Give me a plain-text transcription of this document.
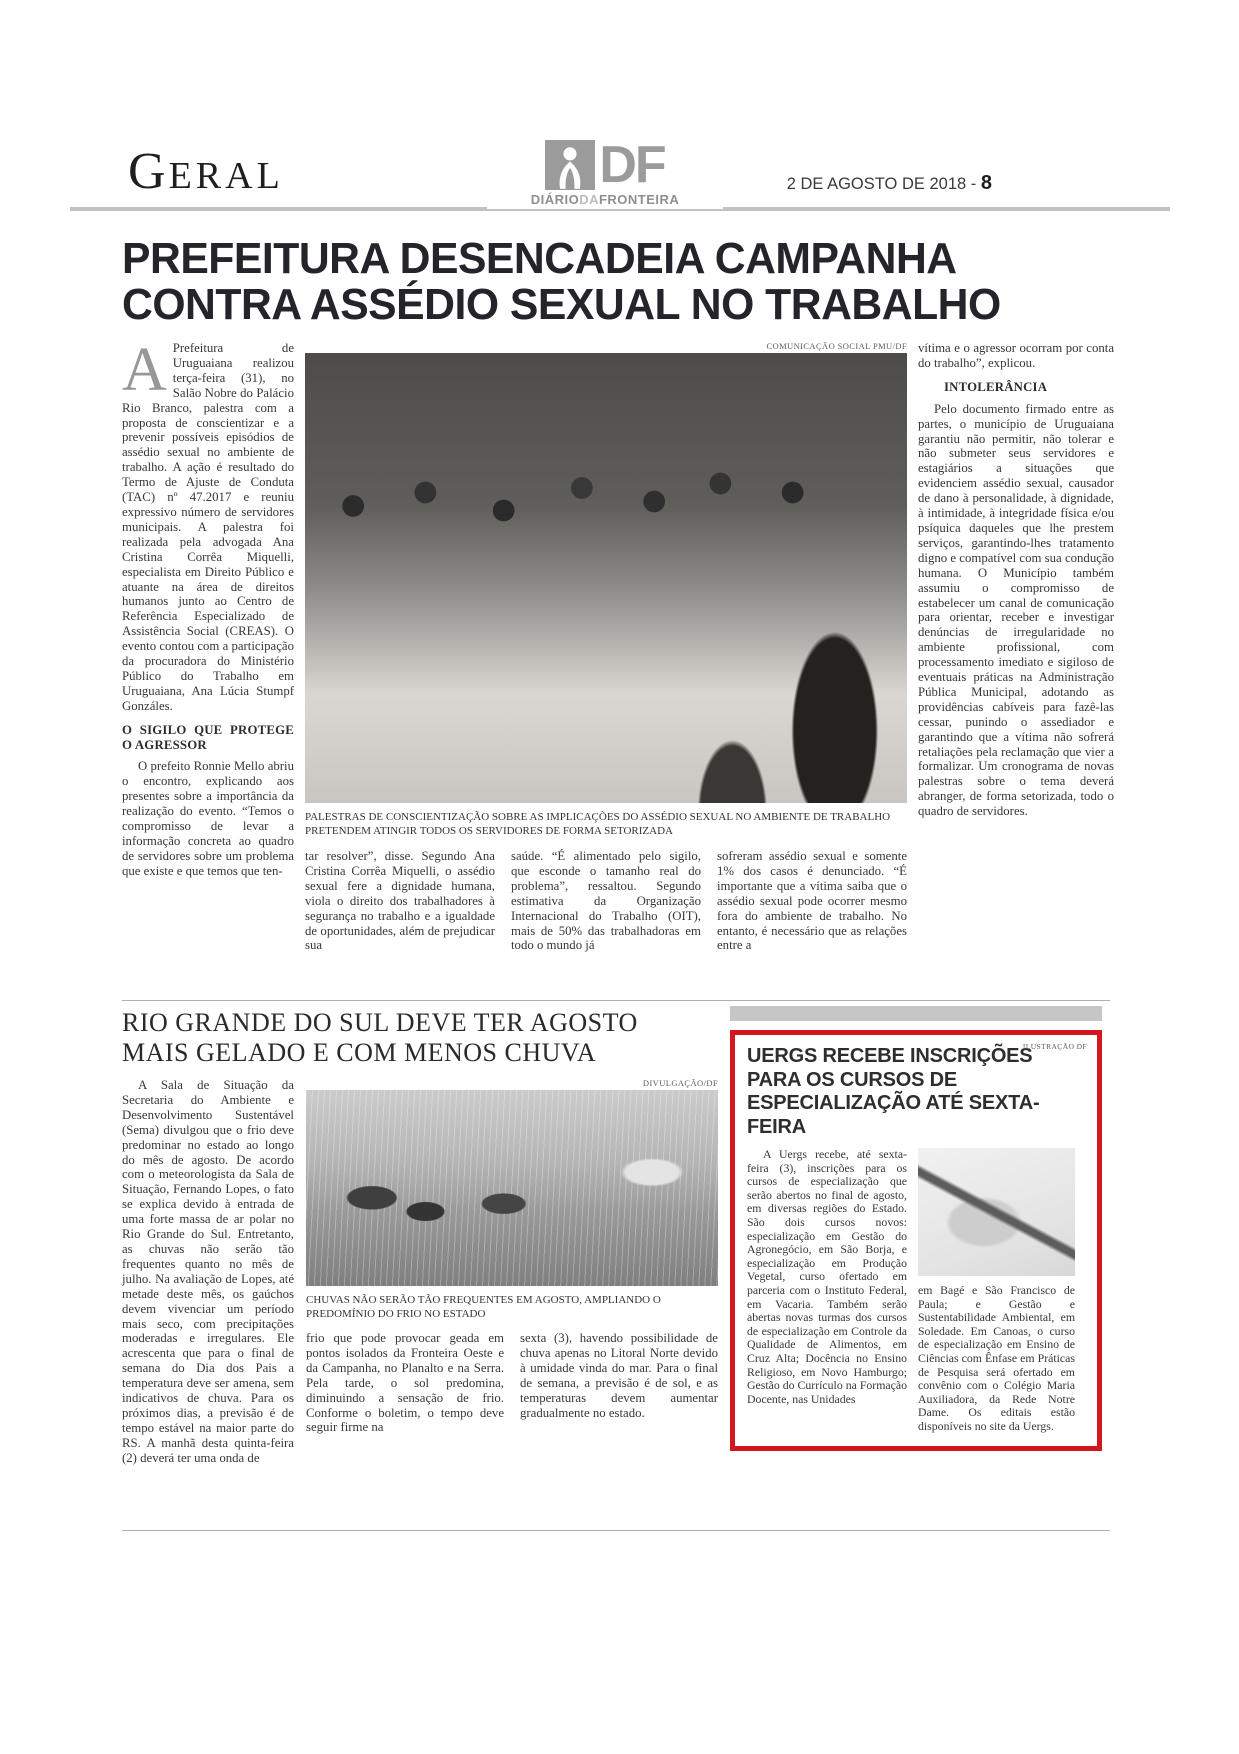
GERAL	DF
DIÁRIODAFRONTEIRA
2 DE AGOSTO DE 2018 - 8
PREFEITURA DESENCADEIA CAMPANHA
CONTRA ASSÉDIO SEXUAL NO TRABALHO

A Prefeitura de Uruguaiana realizou terça-feira (31), no Salão Nobre do Palácio Rio Branco, palestra com a proposta de conscientizar e a prevenir possíveis episódios de assédio sexual no ambiente de trabalho. A ação é resultado do Termo de Ajuste de Conduta (TAC) nº 47.2017 e reuniu expressivo número de servidores municipais. A palestra foi realizada pela advogada Ana Cristina Corrêa Miquelli, especialista em Direito Público e atuante na área de direitos humanos junto ao Centro de Referência Especializado de Assistência Social (CREAS). O evento contou com a participação da procuradora do Ministério Público do Trabalho em Uruguaiana, Ana Lúcia Stumpf Gonzáles.

O SIGILO QUE PROTEGE O AGRESSOR

O prefeito Ronnie Mello abriu o encontro, explicando aos presentes sobre a importância da realização do evento. “Temos o compromisso de levar a informação concreta ao quadro de servidores sobre um problema que existe e que temos que ten-

COMUNICAÇÃO SOCIAL PMU/DF
PALESTRAS DE CONSCIENTIZAÇÃO SOBRE AS IMPLICAÇÕES DO ASSÉDIO SEXUAL NO AMBIENTE DE TRABALHO PRETENDEM ATINGIR TODOS OS SERVIDORES DE FORMA SETORIZADA
tar resolver”, disse. Segundo Ana Cristina Corrêa Miquelli, o assédio sexual fere a dignidade humana, viola o direito dos trabalhadores à segurança no trabalho e a igualdade de oportunidades, além de prejudicar sua
saúde. “É alimentado pelo sigilo, que esconde o tamanho real do problema”, ressaltou. Segundo estimativa da Organização Internacional do Trabalho (OIT), mais de 50% das trabalhadoras em todo o mundo já
sofreram assédio sexual e somente 1% dos casos é denunciado. “É importante que a vítima saiba que o assédio sexual pode ocorrer mesmo fora do ambiente de trabalho. No entanto, é necessário que as relações entre a

vítima e o agressor ocorram por conta do trabalho”, explicou.

INTOLERÂNCIA

Pelo documento firmado entre as partes, o município de Uruguaiana garantiu não permitir, não tolerar e não submeter seus servidores e estagiários a situações que evidenciem assédio sexual, causador de dano à personalidade, à dignidade, à intimidade, à integridade física e/ou psíquica daqueles que lhe prestem serviços, garantindo-lhes tratamento digno e compatível com sua condução humana. O Município também assumiu o compromisso de estabelecer um canal de comunicação para orientar, receber e investigar denúncias de irregularidade no ambiente profissional, com processamento imediato e sigiloso de eventuais práticas na Administração Pública Municipal, adotando as providências cabíveis para fazê-las cessar, punindo o assediador e garantindo que a vítima não sofrerá retaliações pela reclamação que vier a formalizar. Um cronograma de novas palestras sobre o tema deverá abranger, de forma setorizada, todo o quadro de servidores.

RIO GRANDE DO SUL DEVE TER AGOSTO
MAIS GELADO E COM MENOS CHUVA

A Sala de Situação da Secretaria do Ambiente e Desenvolvimento Sustentável (Sema) divulgou que o frio deve predominar no estado ao longo do mês de agosto. De acordo com o meteorologista da Sala de Situação, Fernando Lopes, o fato se explica devido à entrada de uma forte massa de ar polar no Rio Grande do Sul. Entretanto, as chuvas não serão tão frequentes quanto no mês de julho. Na avaliação de Lopes, até metade deste mês, os gaúchos devem vivenciar um período mais seco, com precipitações moderadas e irregulares. Ele acrescenta que para o final de semana do Dia dos Pais a temperatura deve ser amena, sem indicativos de chuva. Para os próximos dias, a previsão é de tempo estável na maior parte do RS. A manhã desta quinta-feira (2) deverá ter uma onda de

DIVULGAÇÃO/DF
CHUVAS NÃO SERÃO TÃO FREQUENTES EM AGOSTO, AMPLIANDO O PREDOMÍNIO DO FRIO NO ESTADO
frio que pode provocar geada em pontos isolados da Fronteira Oeste e da Campanha, no Planalto e na Serra. Pela tarde, o sol predomina, diminuindo a sensação de frio. Conforme o boletim, o tempo deve seguir firme na
sexta (3), havendo possibilidade de chuva apenas no Litoral Norte devido à umidade vinda do mar. Para o final de semana, a previsão é de sol, e as temperaturas devem aumentar gradualmente no estado.
ILUSTRAÇÃO DF
UERGS RECEBE INSCRIÇÕES PARA OS CURSOS DE ESPECIALIZAÇÃO ATÉ SEXTA-FEIRA

A Uergs recebe, até sexta-feira (3), inscrições para os cursos de especialização que serão abertos no final de agosto, em diversas regiões do Estado. São dois cursos novos: especialização em Gestão do Agronegócio, em São Borja, e especialização em Produção Vegetal, curso ofertado em parceria com o Instituto Federal, em Vacaria. Também serão abertas novas turmas dos cursos de especialização em Controle da Qualidade de Alimentos, em Cruz Alta; Docência no Ensino Religioso, em Novo Hamburgo; Gestão do Currículo na Formação Docente, nas Unidades

em Bagé e São Francisco de Paula; e Gestão e Sustentabilidade Ambiental, em Soledade. Em Canoas, o curso de especialização em Ensino de Ciências com Ênfase em Práticas de Pesquisa será ofertado em convênio com o Colégio Maria Auxiliadora, da Rede Notre Dame. Os editais estão disponíveis no site da Uergs.
